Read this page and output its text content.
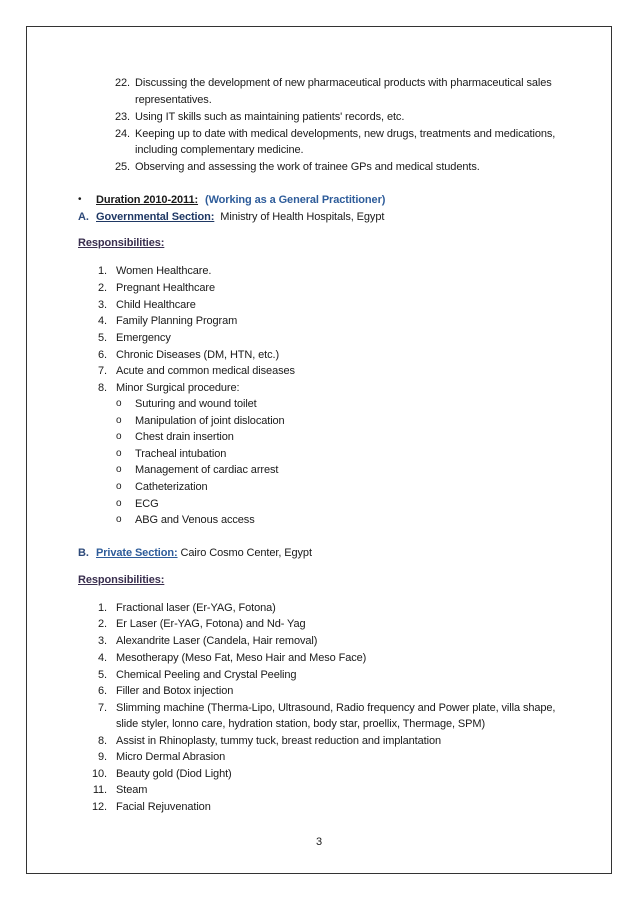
22. Discussing the development of new pharmaceutical products with pharmaceutical sales
representatives.
23. Using IT skills such as maintaining patients' records, etc.
24. Keeping up to date with medical developments, new drugs, treatments and medications,
including complementary medicine.
25. Observing and assessing the work of trainee GPs and medical students.
• Duration 2010-2011: (Working as a General Practitioner)
A. Governmental Section: Ministry of Health Hospitals, Egypt
Responsibilities:
1. Women Healthcare.
2. Pregnant Healthcare
3. Child Healthcare
4. Family Planning Program
5. Emergency
6. Chronic Diseases (DM, HTN, etc.)
7. Acute and common medical diseases
8. Minor Surgical procedure:
o Suturing and wound toilet
o Manipulation of joint dislocation
o Chest drain insertion
o Tracheal intubation
o Management of cardiac arrest
o Catheterization
o ECG
o ABG and Venous access
B. Private Section: Cairo Cosmo Center, Egypt
Responsibilities:
1. Fractional laser (Er-YAG, Fotona)
2. Er Laser (Er-YAG, Fotona) and Nd- Yag
3. Alexandrite Laser (Candela, Hair removal)
4. Mesotherapy (Meso Fat, Meso Hair and Meso Face)
5. Chemical Peeling and Crystal Peeling
6. Filler and Botox injection
7. Slimming machine (Therma-Lipo, Ultrasound, Radio frequency and Power plate, villa shape,
slide styler, lonno care, hydration station, body star, proellix, Thermage, SPM)
8. Assist in Rhinoplasty, tummy tuck, breast reduction and implantation
9. Micro Dermal Abrasion
10. Beauty gold (Diod Light)
11. Steam
12. Facial Rejuvenation
3
